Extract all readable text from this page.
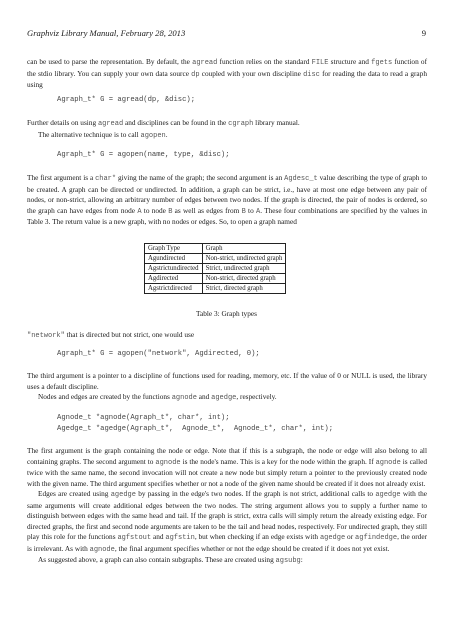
Graphviz Library Manual, February 28, 2013	9

can be used to parse the representation. By default, the agread function relies on the standard FILE structure and fgets function of the stdio library. You can supply your own data source dp coupled with your own discipline disc for reading the data to read a graph using

Agraph_t* G = agread(dp, &disc);

Further details on using agread and disciplines can be found in the cgraph library manual.

The alternative technique is to call agopen.

Agraph_t* G = agopen(name, type, &disc);

The first argument is a char* giving the name of the graph; the second argument is an Agdesc_t value describing the type of graph to be created. A graph can be directed or undirected. In addition, a graph can be strict, i.e., have at most one edge between any pair of nodes, or non-strict, allowing an arbitrary number of edges between two nodes. If the graph is directed, the pair of nodes is ordered, so the graph can have edges from node A to node B as well as edges from B to A. These four combinations are specified by the values in Table 3. The return value is a new graph, with no nodes or edges. So, to open a graph named

Graph Type	Graph
Agundirected	Non-strict, undirected graph
Agstrictundirected	Strict, undirected graph
Agdirected	Non-strict, directed graph
Agstrictdirected	Strict, directed graph
Table 3: Graph types

"network" that is directed but not strict, one would use

Agraph_t* G = agopen("network", Agdirected, 0);

The third argument is a pointer to a discipline of functions used for reading, memory, etc. If the value of 0 or NULL is used, the library uses a default discipline.

Nodes and edges are created by the functions agnode and agedge, respectively.

Agnode_t *agnode(Agraph_t*, char*, int);
Agedge_t *agedge(Agraph_t*,  Agnode_t*,  Agnode_t*, char*, int);

The first argument is the graph containing the node or edge. Note that if this is a subgraph, the node or edge will also belong to all containing graphs. The second argument to agnode is the node's name. This is a key for the node within the graph. If agnode is called twice with the same name, the second invocation will not create a new node but simply return a pointer to the previously created node with the given name. The third argument specifies whether or not a node of the given name should be created if it does not already exist.

Edges are created using agedge by passing in the edge's two nodes. If the graph is not strict, additional calls to agedge with the same arguments will create additional edges between the two nodes. The string argument allows you to supply a further name to distinguish between edges with the same head and tail. If the graph is strict, extra calls will simply return the already existing edge. For directed graphs, the first and second node arguments are taken to be the tail and head nodes, respectively. For undirected graph, they still play this role for the functions agfstout and agfstin, but when checking if an edge exists with agedge or agfindedge, the order is irrelevant. As with agnode, the final argument specifies whether or not the edge should be created if it does not yet exist.

As suggested above, a graph can also contain subgraphs. These are created using agsubg:
